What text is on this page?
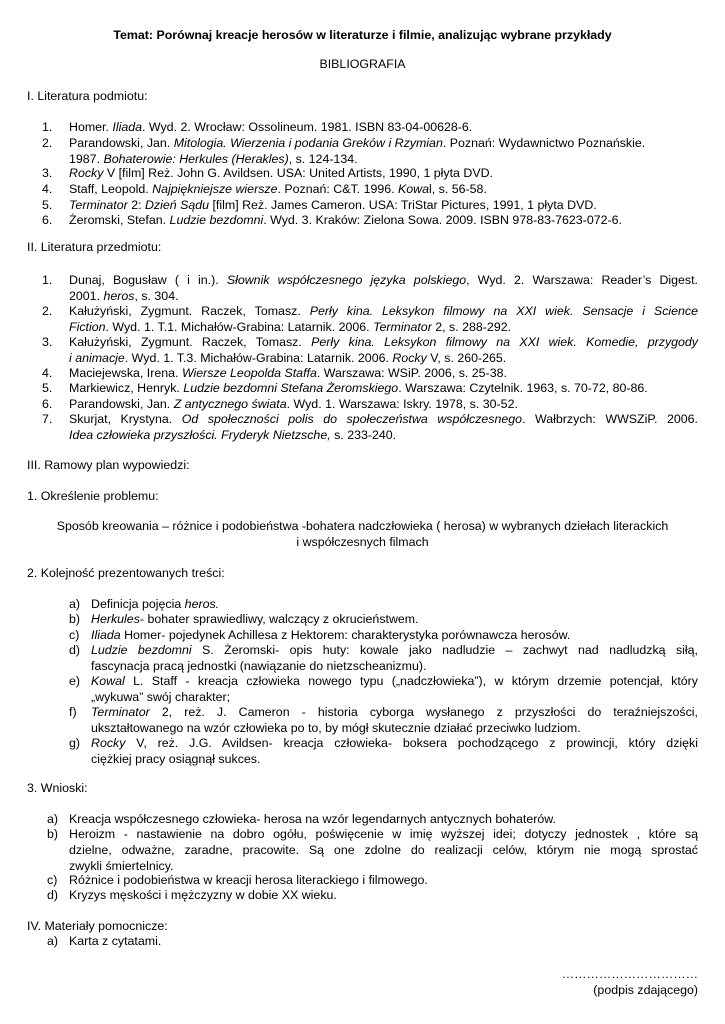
Temat: Porównaj kreacje herosów w literaturze i filmie, analizując wybrane przykłady
BIBLIOGRAFIA
I. Literatura podmiotu:
1. Homer. Iliada. Wyd. 2. Wrocław: Ossolineum. 1981. ISBN 83-04-00628-6.
2. Parandowski, Jan. Mitologia. Wierzenia i podania Greków i Rzymian. Poznań: Wydawnictwo Poznańskie.
1987. Bohaterowie: Herkules (Herakles), s. 124-134.
3. Rocky V [film] Reż. John G. Avildsen. USA: United Artists, 1990, 1 płyta DVD.
4. Staff, Leopold. Najpiękniejsze wiersze. Poznań: C&T. 1996. Kowal, s. 56-58.
5. Terminator 2: Dzień Sądu [film] Reż. James Cameron. USA: TriStar Pictures, 1991, 1 płyta DVD.
6. Żeromski, Stefan. Ludzie bezdomni. Wyd. 3. Kraków: Zielona Sowa. 2009. ISBN 978-83-7623-072-6.
II. Literatura przedmiotu:
1. Dunaj, Bogusław ( i in.). Słownik współczesnego języka polskiego, Wyd. 2. Warszawa: Reader’s Digest.
2001. heros, s. 304.
2. Kałużyński, Zygmunt. Raczek, Tomasz. Perły kina. Leksykon filmowy na XXI wiek. Sensacje i Science
Fiction. Wyd. 1. T.1. Michałów-Grabina: Latarnik. 2006. Terminator 2, s. 288-292.
3. Kałużyński, Zygmunt. Raczek, Tomasz. Perły kina. Leksykon filmowy na XXI wiek. Komedie, przygody
i animacje. Wyd. 1. T.3. Michałów-Grabina: Latarnik. 2006. Rocky V, s. 260-265.
4. Maciejewska, Irena. Wiersze Leopolda Staffa. Warszawa: WSiP. 2006, s. 25-38.
5. Markiewicz, Henryk. Ludzie bezdomni Stefana Żeromskiego. Warszawa: Czytelnik. 1963, s. 70-72, 80-86.
6. Parandowski, Jan. Z antycznego świata. Wyd. 1. Warszawa: Iskry. 1978, s. 30-52.
7. Skurjat, Krystyna. Od społeczności polis do społeczeństwa współczesnego. Wałbrzych: WWSZiP. 2006.
Idea człowieka przyszłości. Fryderyk Nietzsche, s. 233-240.
III. Ramowy plan wypowiedzi:
1. Określenie problemu:
Sposób kreowania – różnice i podobieństwa -bohatera nadczłowieka ( herosa) w wybranych dziełach literackich
i współczesnych filmach
2. Kolejność prezentowanych treści:
a) Definicja pojęcia heros.
b) Herkules- bohater sprawiedliwy, walczący z okrucieństwem.
c) Iliada Homer- pojedynek Achillesa z Hektorem: charakterystyka porównawcza herosów.
d) Ludzie bezdomni S. Żeromski- opis huty: kowale jako nadludzie – zachwyt nad nadludzką siłą,
fascynacja pracą jednostki (nawiązanie do nietzscheanizmu).
e) Kowal L. Staff - kreacja człowieka nowego typu („nadczłowieka”), w którym drzemie potencjał, który
„wykuwa” swój charakter;
f) Terminator 2, reż. J. Cameron - historia cyborga wysłanego z przyszłości do teraźniejszości,
ukształtowanego na wzór człowieka po to, by mógł skutecznie działać przeciwko ludziom.
g) Rocky V, reż. J.G. Avildsen- kreacja człowieka- boksera pochodzącego z prowincji, który dzięki
ciężkiej pracy osiągnął sukces.
3. Wnioski:
a) Kreacja współczesnego człowieka- herosa na wzór legendarnych antycznych bohaterów.
b) Heroizm - nastawienie na dobro ogółu, poświęcenie w imię wyższej idei; dotyczy jednostek , które są
dzielne, odważne, zaradne, pracowite. Są one zdolne do realizacji celów, którym nie mogą sprostać
zwykli śmiertelnicy.
c) Różnice i podobieństwa w kreacji herosa literackiego i filmowego.
d) Kryzys męskości i mężczyzny w dobie XX wieku.
IV. Materiały pomocnicze:
a) Karta z cytatami.
……………………………
(podpis zdającego)
